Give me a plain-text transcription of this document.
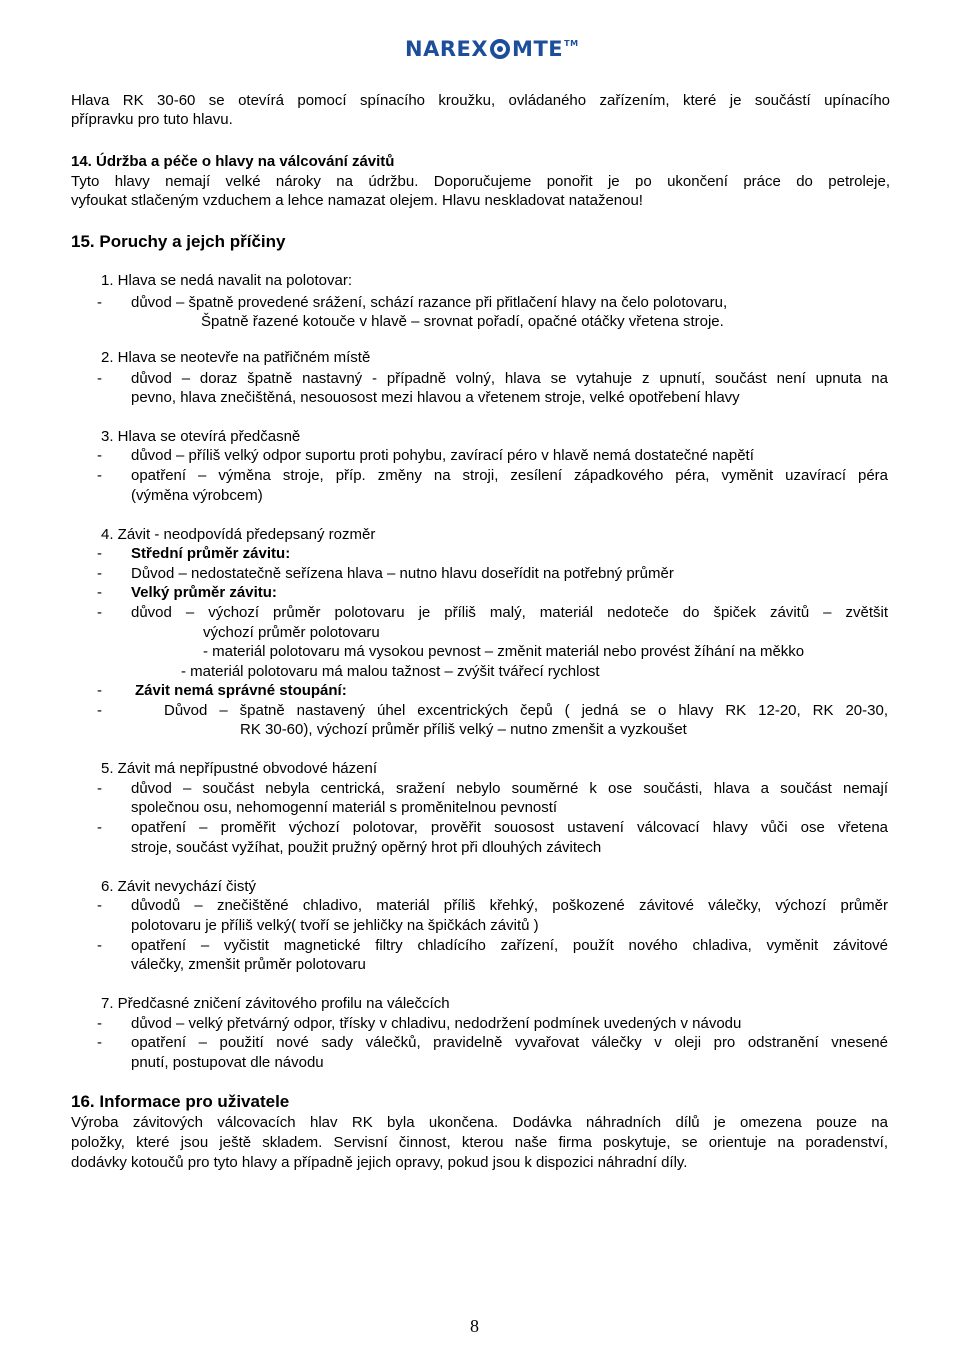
NAREX MTE TM
Hlava RK 30-60 se otevírá pomocí spínacího kroužku, ovládaného zařízením, které je součástí upínacího
přípravku pro tuto hlavu.
14. Údržba a péče o hlavy na válcování závitů
Tyto hlavy nemají velké nároky na údržbu. Doporučujeme ponořit je po ukončení práce do petroleje,
vyfoukat stlačeným vzduchem a lehce namazat olejem. Hlavu neskladovat nataženou!
15. Poruchy a jejch příčiny
1. Hlava se nedá navalit na polotovar:
- důvod – špatně provedené srážení, schází razance při přitlačení hlavy na čelo polotovaru,
Špatně řazené kotouče v hlavě – srovnat pořadí, opačné otáčky vřetena stroje.
2. Hlava se neotevře na patřičném místě
- důvod – doraz špatně nastavný - případně volný, hlava se vytahuje z upnutí, součást není upnuta na
pevno, hlava znečištěná, nesouosost mezi hlavou a vřetenem stroje, velké opotřebení hlavy
3. Hlava se otevírá předčasně
- důvod – příliš velký odpor suportu proti pohybu, zavírací péro v hlavě nemá dostatečné napětí
- opatření – výměna stroje, příp. změny na stroji, zesílení západkového péra, vyměnit uzavírací péra
(výměna výrobcem)
4. Závit - neodpovídá předepsaný rozměr
- Střední průměr závitu:
- Důvod – nedostatečně seřízena hlava – nutno hlavu doseřídit na potřebný průměr
- Velký průměr závitu:
- důvod – výchozí průměr polotovaru je příliš malý, materiál nedoteče do špiček závitů – zvětšit
výchozí průměr polotovaru
- materiál polotovaru má vysokou pevnost – změnit materiál nebo provést žíhání na měkko
- materiál polotovaru má malou tažnost – zvýšit tvářecí rychlost
- Závit nemá správné stoupání:
-	Důvod – špatně nastavený úhel excentrických čepů ( jedná se o hlavy RK 12-20, RK 20-30,
RK 30-60), výchozí průměr příliš velký – nutno zmenšit a vyzkoušet
5. Závit má nepřípustné obvodové házení
- důvod – součást nebyla centrická, sražení nebylo souměrné k ose součásti, hlava a součást nemají
společnou osu, nehomogenní materiál s proměnitelnou pevností
- opatření – proměřit výchozí polotovar, prověřit souosost ustavení válcovací hlavy vůči ose vřetena
stroje, součást vyžíhat, použit pružný opěrný hrot při dlouhých závitech
6. Závit nevychází čistý
- důvodů – znečištěné chladivo, materiál příliš křehký, poškozené závitové válečky, výchozí průměr
polotovaru je příliš velký( tvoří se jehličky na špičkách závitů )
- opatření – vyčistit magnetické filtry chladícího zařízení, použít nového chladiva, vyměnit závitové
válečky, zmenšit průměr polotovaru
7. Předčasné zničení závitového profilu na válečcích
- důvod – velký přetvárný odpor, třísky v chladivu, nedodržení podmínek uvedených v návodu
- opatření – použití nové sady válečků, pravidelně vyvařovat válečky v oleji pro odstranění vnesené
pnutí, postupovat dle návodu
16. Informace pro uživatele
Výroba závitových válcovacích hlav RK byla ukončena. Dodávka náhradních dílů je omezena pouze na
položky, které jsou ještě skladem. Servisní činnost, kterou naše firma poskytuje, se orientuje na poradenství,
dodávky kotoučů pro tyto hlavy a případně jejich opravy, pokud jsou k dispozici náhradní díly.
8
